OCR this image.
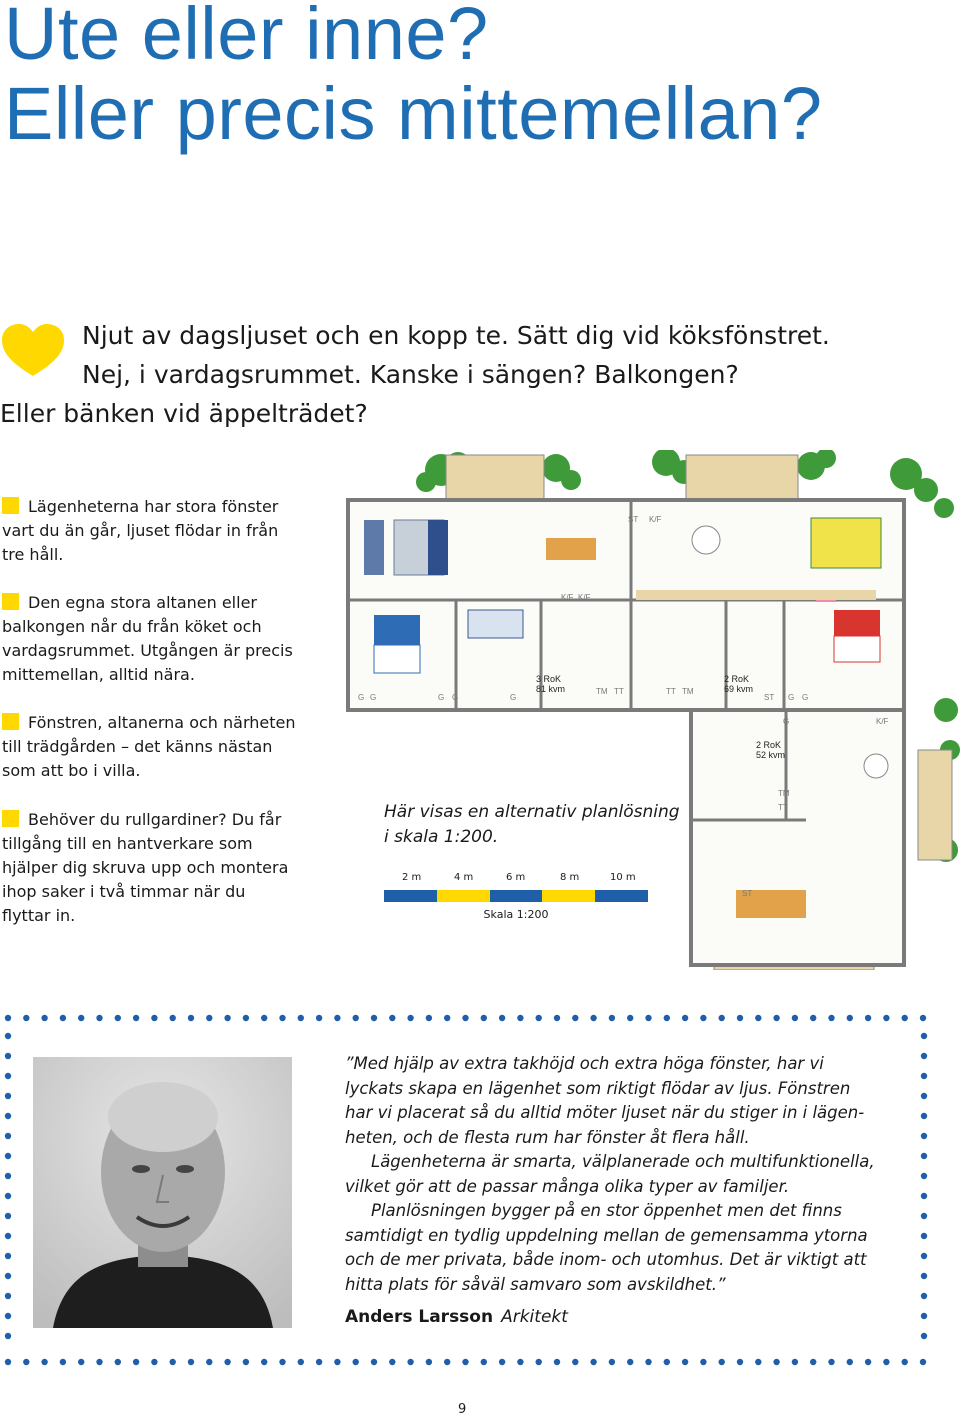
Ute eller inne?
Eller precis mittemellan?
Njut av dagsljuset och en kopp te. Sätt dig vid köksfönstret.
Nej, i vardagsrummet. Kanske i sängen? Balkongen?
Eller bänken vid äppelträdet?
Lägenheterna har stora fönster
vart du än går, ljuset flödar in från
tre håll.
Den egna stora altanen eller
balkongen når du från köket och
vardagsrummet. Utgången är precis
mittemellan, alltid nära.
Fönstren, altanerna och närheten
till trädgården – det känns nästan
som att bo i villa.
Behöver du rullgardiner? Du får
tillgång till en hantverkare som
hjälper dig skruva upp och montera
ihop saker i två timmar när du
flyttar in.
3 RoK
81 kvm
2 RoK
69 kvm
2 RoK
52 kvm
ST K/F
K/F K/F
TM TT	TT TM
ST
G G	G G	G	G G
G	K/F
TM
TT
ST
Här visas en alternativ planlösning
i skala 1:200.
2 m	4 m	6 m	8 m	10 m
Skala 1:200
”Med hjälp av extra takhöjd och extra höga fönster, har vi
lyckats skapa en lägenhet som riktigt flödar av ljus. Fönstren
har vi placerat så du alltid möter ljuset när du stiger in i lägen-
heten, och de flesta rum har fönster åt flera håll.
Lägenheterna är smarta, välplanerade och multifunktionella,
vilket gör att de passar många olika typer av familjer.
Planlösningen bygger på en stor öppenhet men det finns
samtidigt en tydlig uppdelning mellan de gemensamma ytorna
och de mer privata, både inom- och utomhus. Det är viktigt att
hitta plats för såväl samvaro som avskildhet.”
Anders Larsson Arkitekt
9
